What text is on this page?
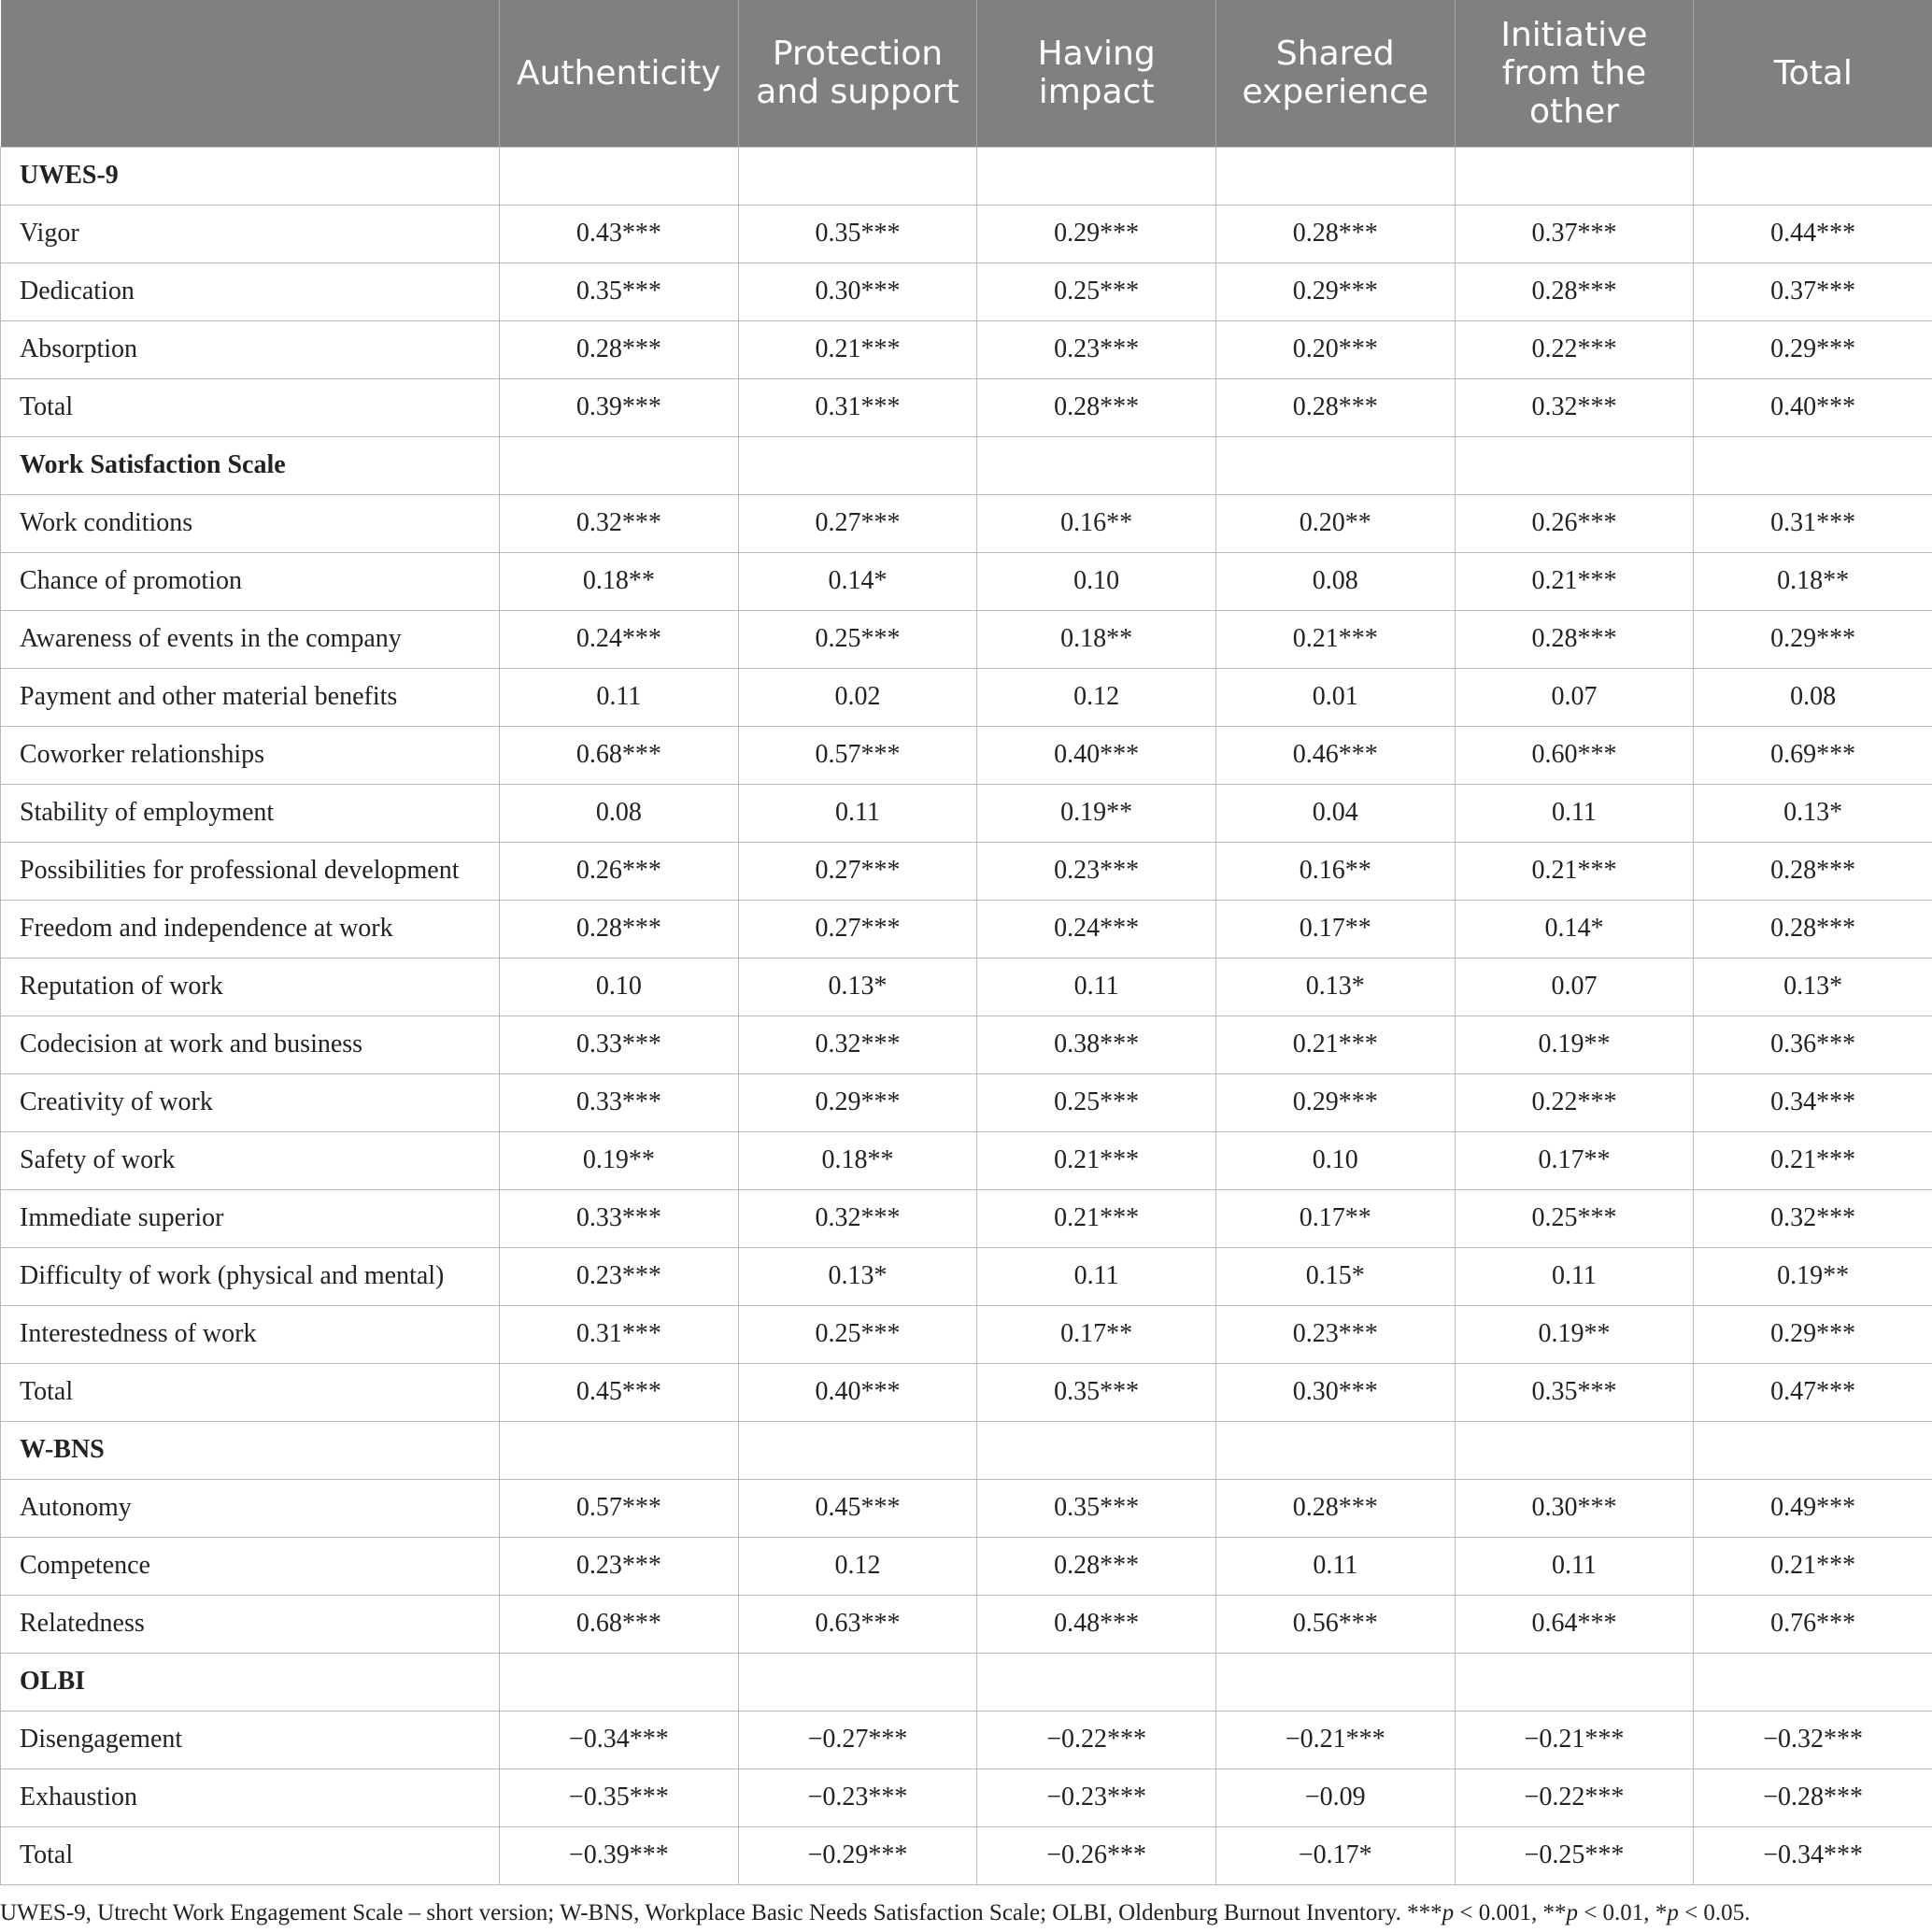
	Authenticity	Protection and support	Having impact	Shared experience	Initiative from the other	Total
UWES-9						
Vigor	0.43***	0.35***	0.29***	0.28***	0.37***	0.44***
Dedication	0.35***	0.30***	0.25***	0.29***	0.28***	0.37***
Absorption	0.28***	0.21***	0.23***	0.20***	0.22***	0.29***
Total	0.39***	0.31***	0.28***	0.28***	0.32***	0.40***
Work Satisfaction Scale						
Work conditions	0.32***	0.27***	0.16**	0.20**	0.26***	0.31***
Chance of promotion	0.18**	0.14*	0.10	0.08	0.21***	0.18**
Awareness of events in the company	0.24***	0.25***	0.18**	0.21***	0.28***	0.29***
Payment and other material benefits	0.11	0.02	0.12	0.01	0.07	0.08
Coworker relationships	0.68***	0.57***	0.40***	0.46***	0.60***	0.69***
Stability of employment	0.08	0.11	0.19**	0.04	0.11	0.13*
Possibilities for professional development	0.26***	0.27***	0.23***	0.16**	0.21***	0.28***
Freedom and independence at work	0.28***	0.27***	0.24***	0.17**	0.14*	0.28***
Reputation of work	0.10	0.13*	0.11	0.13*	0.07	0.13*
Codecision at work and business	0.33***	0.32***	0.38***	0.21***	0.19**	0.36***
Creativity of work	0.33***	0.29***	0.25***	0.29***	0.22***	0.34***
Safety of work	0.19**	0.18**	0.21***	0.10	0.17**	0.21***
Immediate superior	0.33***	0.32***	0.21***	0.17**	0.25***	0.32***
Difficulty of work (physical and mental)	0.23***	0.13*	0.11	0.15*	0.11	0.19**
Interestedness of work	0.31***	0.25***	0.17**	0.23***	0.19**	0.29***
Total	0.45***	0.40***	0.35***	0.30***	0.35***	0.47***
W-BNS						
Autonomy	0.57***	0.45***	0.35***	0.28***	0.30***	0.49***
Competence	0.23***	0.12	0.28***	0.11	0.11	0.21***
Relatedness	0.68***	0.63***	0.48***	0.56***	0.64***	0.76***
OLBI						
Disengagement	−0.34***	−0.27***	−0.22***	−0.21***	−0.21***	−0.32***
Exhaustion	−0.35***	−0.23***	−0.23***	−0.09	−0.22***	−0.28***
Total	−0.39***	−0.29***	−0.26***	−0.17*	−0.25***	−0.34***
UWES-9, Utrecht Work Engagement Scale – short version; W-BNS, Workplace Basic Needs Satisfaction Scale; OLBI, Oldenburg Burnout Inventory. ***p < 0.001, **p < 0.01, *p < 0.05.
